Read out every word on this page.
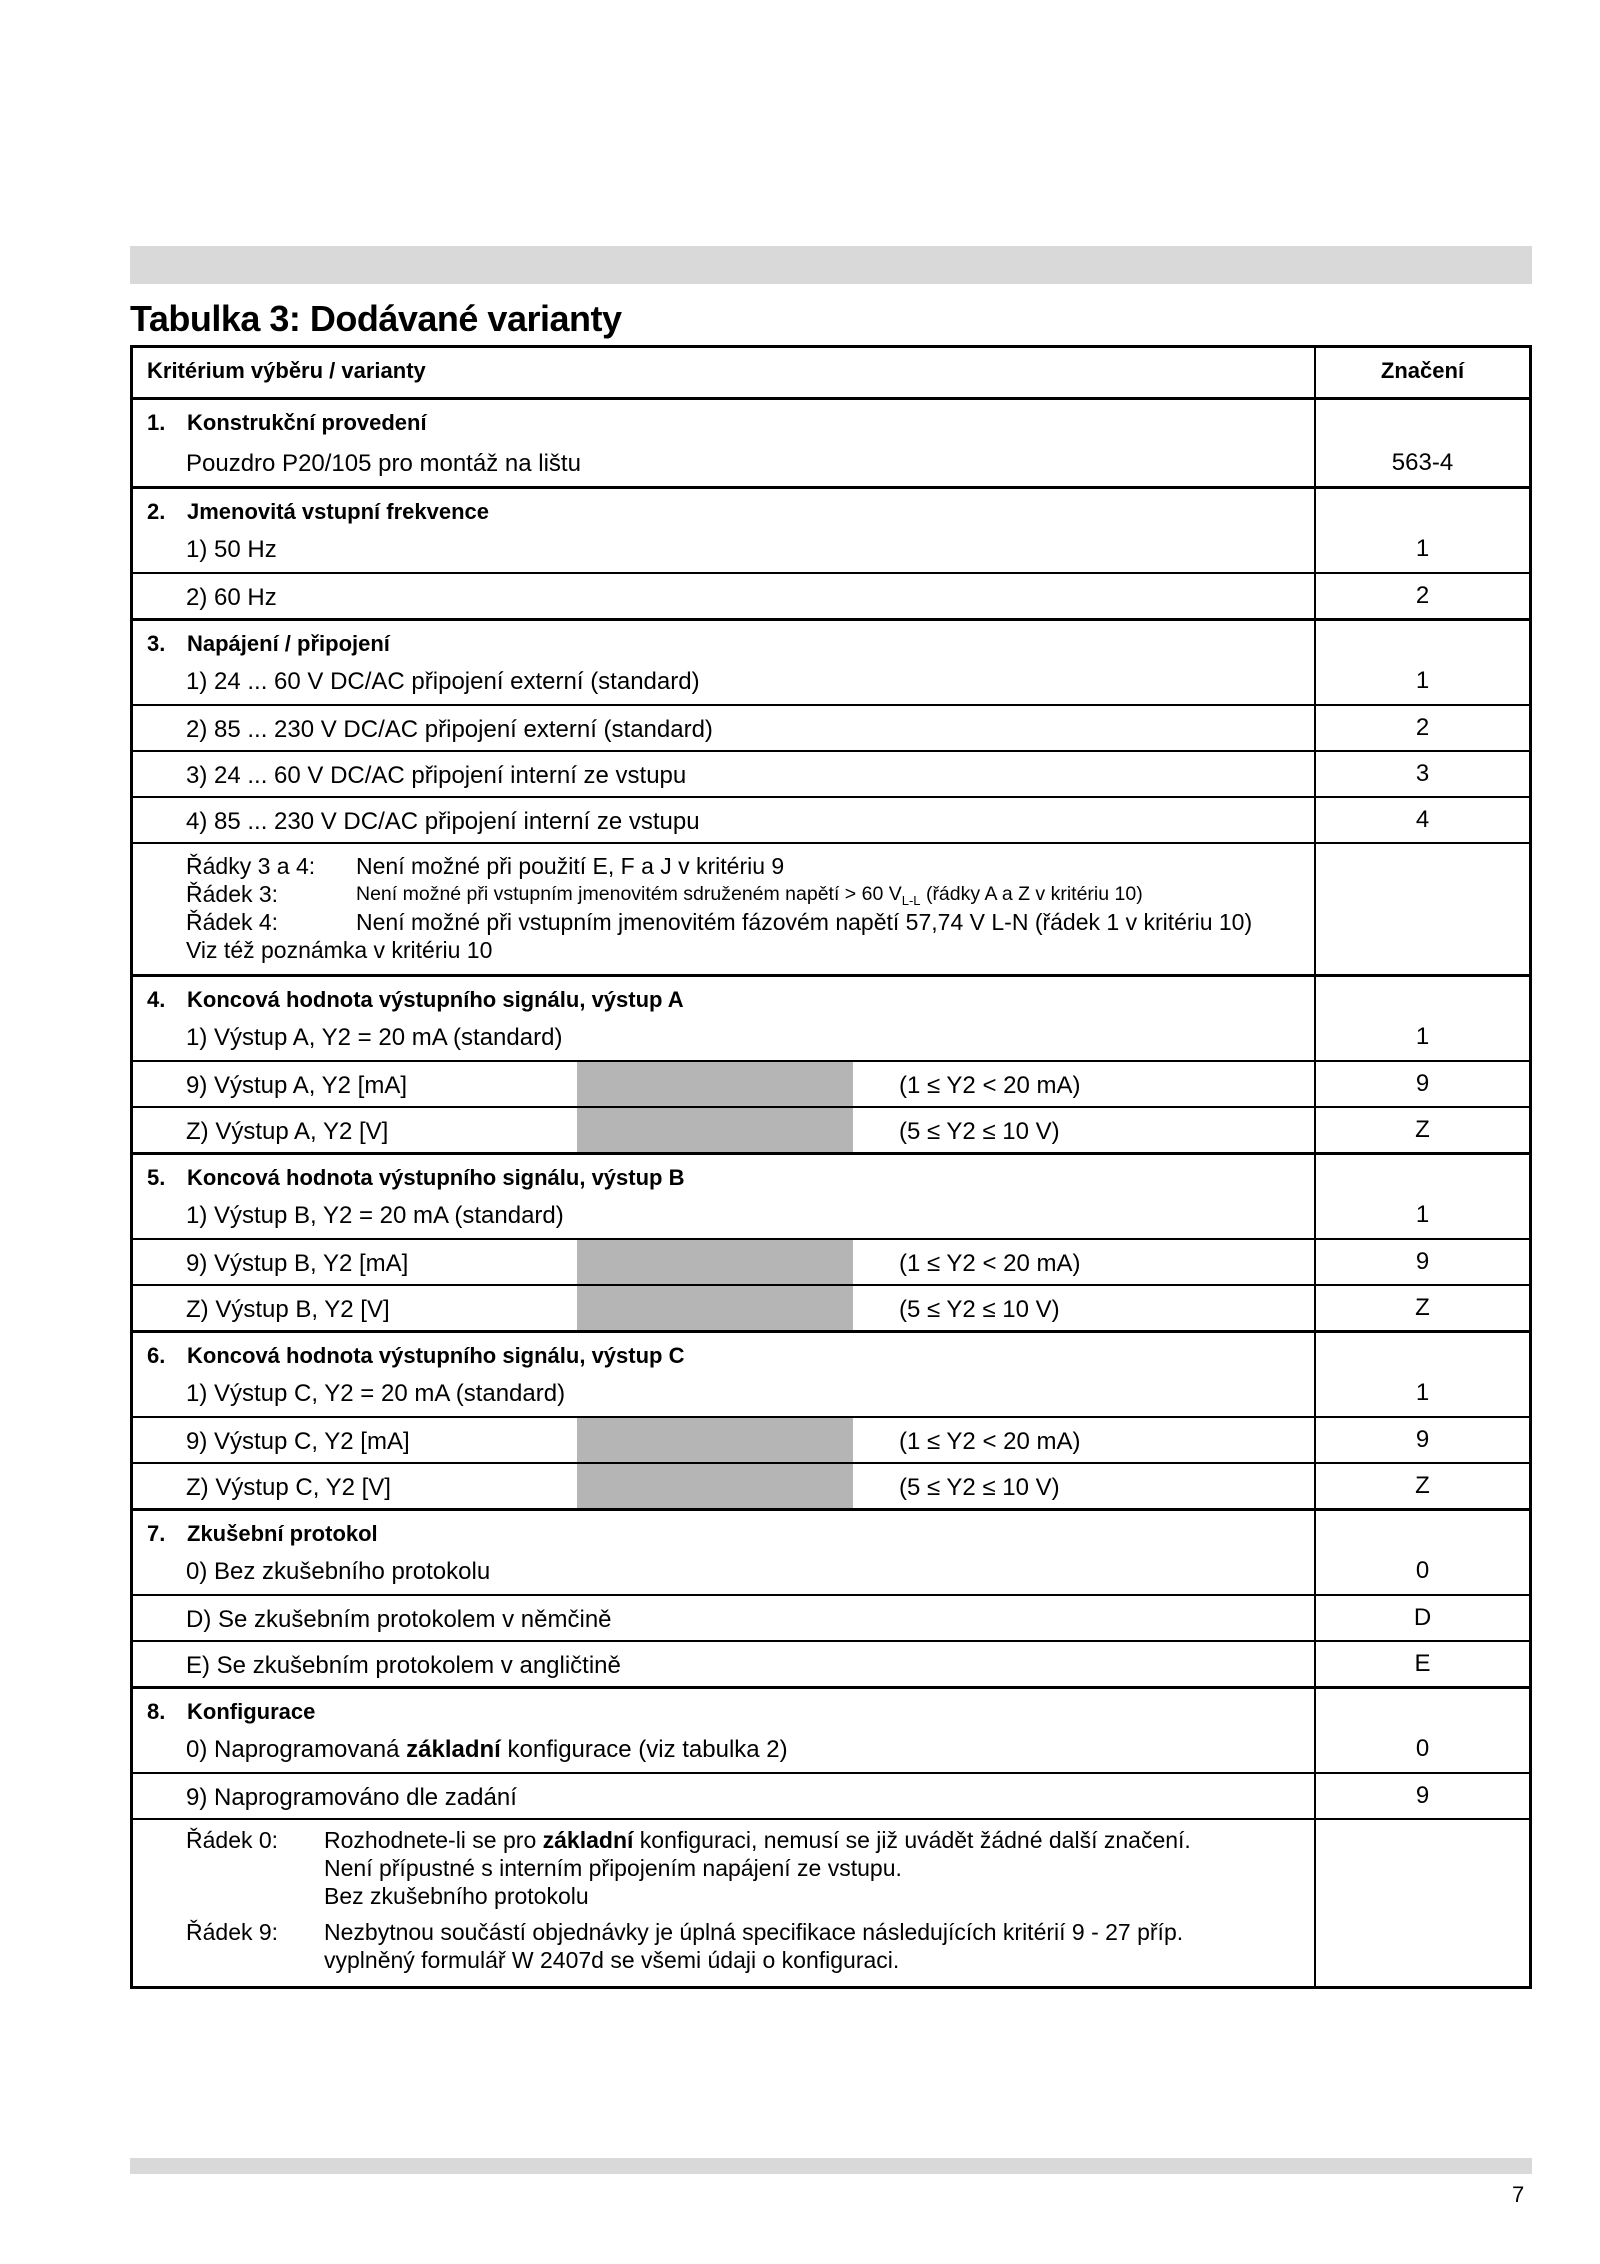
Tabulka 3: Dodávané varianty
Kritérium výběru / varianty	Značení
1. Konstrukční provedení
Pouzdro P20/105 pro montáž na lištu	563-4
2. Jmenovitá vstupní frekvence
1) 50 Hz	1
2) 60 Hz	2
3. Napájení / připojení
1) 24 ... 60 V DC/AC připojení externí (standard)	1
2) 85 ... 230 V DC/AC připojení externí (standard)	2
3) 24 ... 60 V DC/AC připojení interní ze vstupu	3
4) 85 ... 230 V DC/AC připojení interní ze vstupu	4
Řádky 3 a 4: Není možné při použití E, F a J v kritériu 9
Řádek 3:	Není možné při vstupním jmenovitém sdruženém napětí > 60 $V_{L-L}$ (řádky A a Z v kritériu 10)
Řádek 4:	Není možné při vstupním jmenovitém fázovém napětí 57,74 V L-N (řádek 1 v kritériu 10)
Viz též poznámka v kritériu 10
4. Koncová hodnota výstupního signálu, výstup A
1) Výstup A, Y2 = 20 mA (standard)	1
9) Výstup A, Y2 [mA]	(1 ≤ Y2 < 20 mA)	9
Z) Výstup A, Y2 [V]	(5 ≤ Y2 ≤ 10 V)	Z
5. Koncová hodnota výstupního signálu, výstup B
1) Výstup B, Y2 = 20 mA (standard)	1
9) Výstup B, Y2 [mA]	(1 ≤ Y2 < 20 mA)	9
Z) Výstup B, Y2 [V]	(5 ≤ Y2 ≤ 10 V)	Z
6. Koncová hodnota výstupního signálu, výstup C
1) Výstup C, Y2 = 20 mA (standard)	1
9) Výstup C, Y2 [mA]	(1 ≤ Y2 < 20 mA)	9
Z) Výstup C, Y2 [V]	(5 ≤ Y2 ≤ 10 V)	Z
7. Zkušební protokol
0) Bez zkušebního protokolu	0
D) Se zkušebním protokolem v němčině	D
E) Se zkušebním protokolem v angličtině	E
8. Konfigurace
0) Naprogramovaná základní konfigurace (viz tabulka 2)	0
9) Naprogramováno dle zadání	9
Řádek 0: Rozhodnete-li se pro základní konfiguraci, nemusí se již uvádět žádné další značení.
Není přípustné s interním připojením napájení ze vstupu.
Bez zkušebního protokolu
Řádek 9: Nezbytnou součástí objednávky je úplná specifikace následujících kritérií 9 - 27 příp.
vyplněný formulář W 2407d se všemi údaji o konfiguraci.
7
